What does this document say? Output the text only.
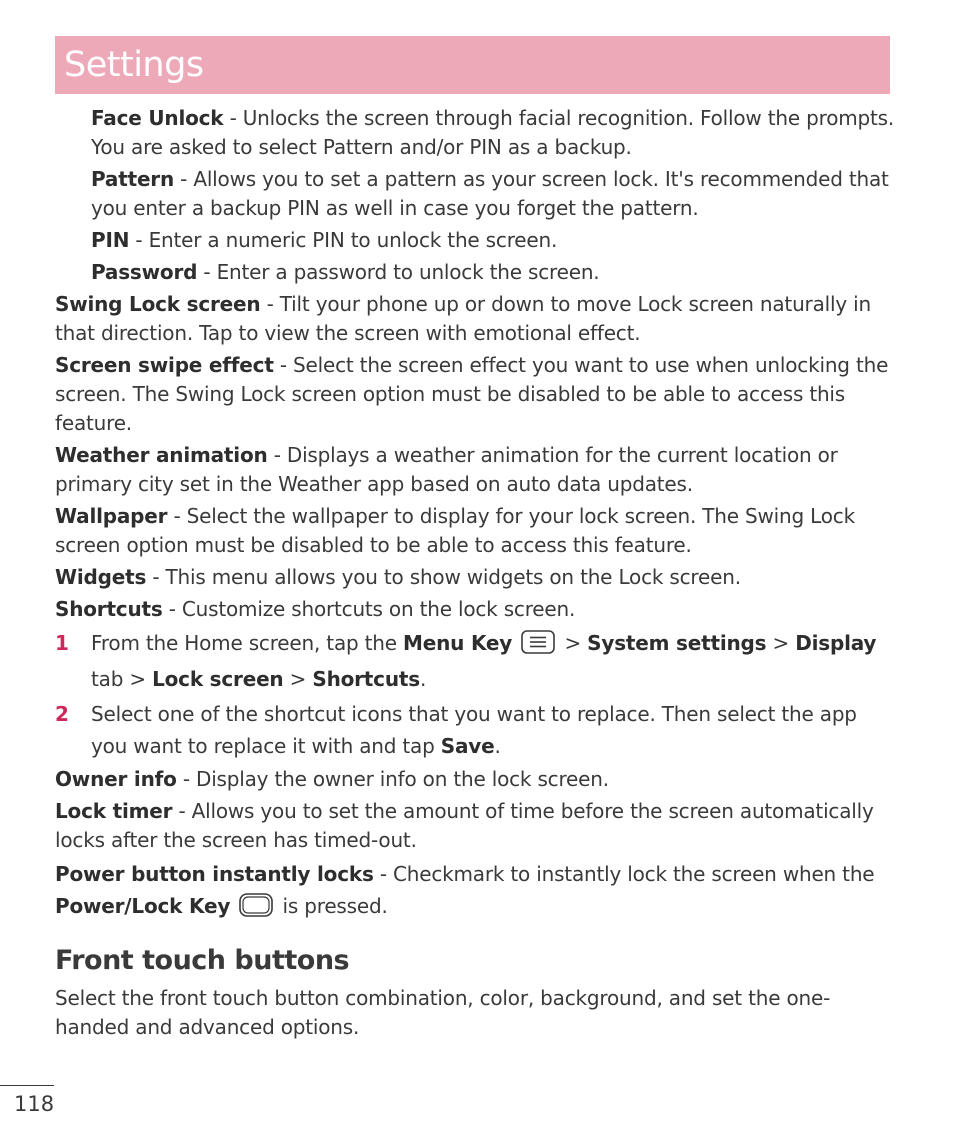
Settings

Face Unlock - Unlocks the screen through facial recognition. Follow the prompts. You are asked to select Pattern and/or PIN as a backup.

Pattern - Allows you to set a pattern as your screen lock. It's recommended that you enter a backup PIN as well in case you forget the pattern.

PIN - Enter a numeric PIN to unlock the screen.

Password - Enter a password to unlock the screen.

Swing Lock screen - Tilt your phone up or down to move Lock screen naturally in that direction. Tap to view the screen with emotional effect.

Screen swipe effect - Select the screen effect you want to use when unlocking the screen. The Swing Lock screen option must be disabled to be able to access this feature.

Weather animation - Displays a weather animation for the current location or primary city set in the Weather app based on auto data updates.

Wallpaper - Select the wallpaper to display for your lock screen. The Swing Lock screen option must be disabled to be able to access this feature.

Widgets - This menu allows you to show widgets on the Lock screen.

Shortcuts - Customize shortcuts on the lock screen.

1 From the Home screen, tap the Menu Key  > System settings > Display tab > Lock screen > Shortcuts.
2 Select one of the shortcut icons that you want to replace. Then select the app you want to replace it with and tap Save.

Owner info - Display the owner info on the lock screen.

Lock timer - Allows you to set the amount of time before the screen automatically locks after the screen has timed-out.

Power button instantly locks - Checkmark to instantly lock the screen when the Power/Lock Key  is pressed.

Front touch buttons

Select the front touch button combination, color, background, and set the one-handed and advanced options.

118
